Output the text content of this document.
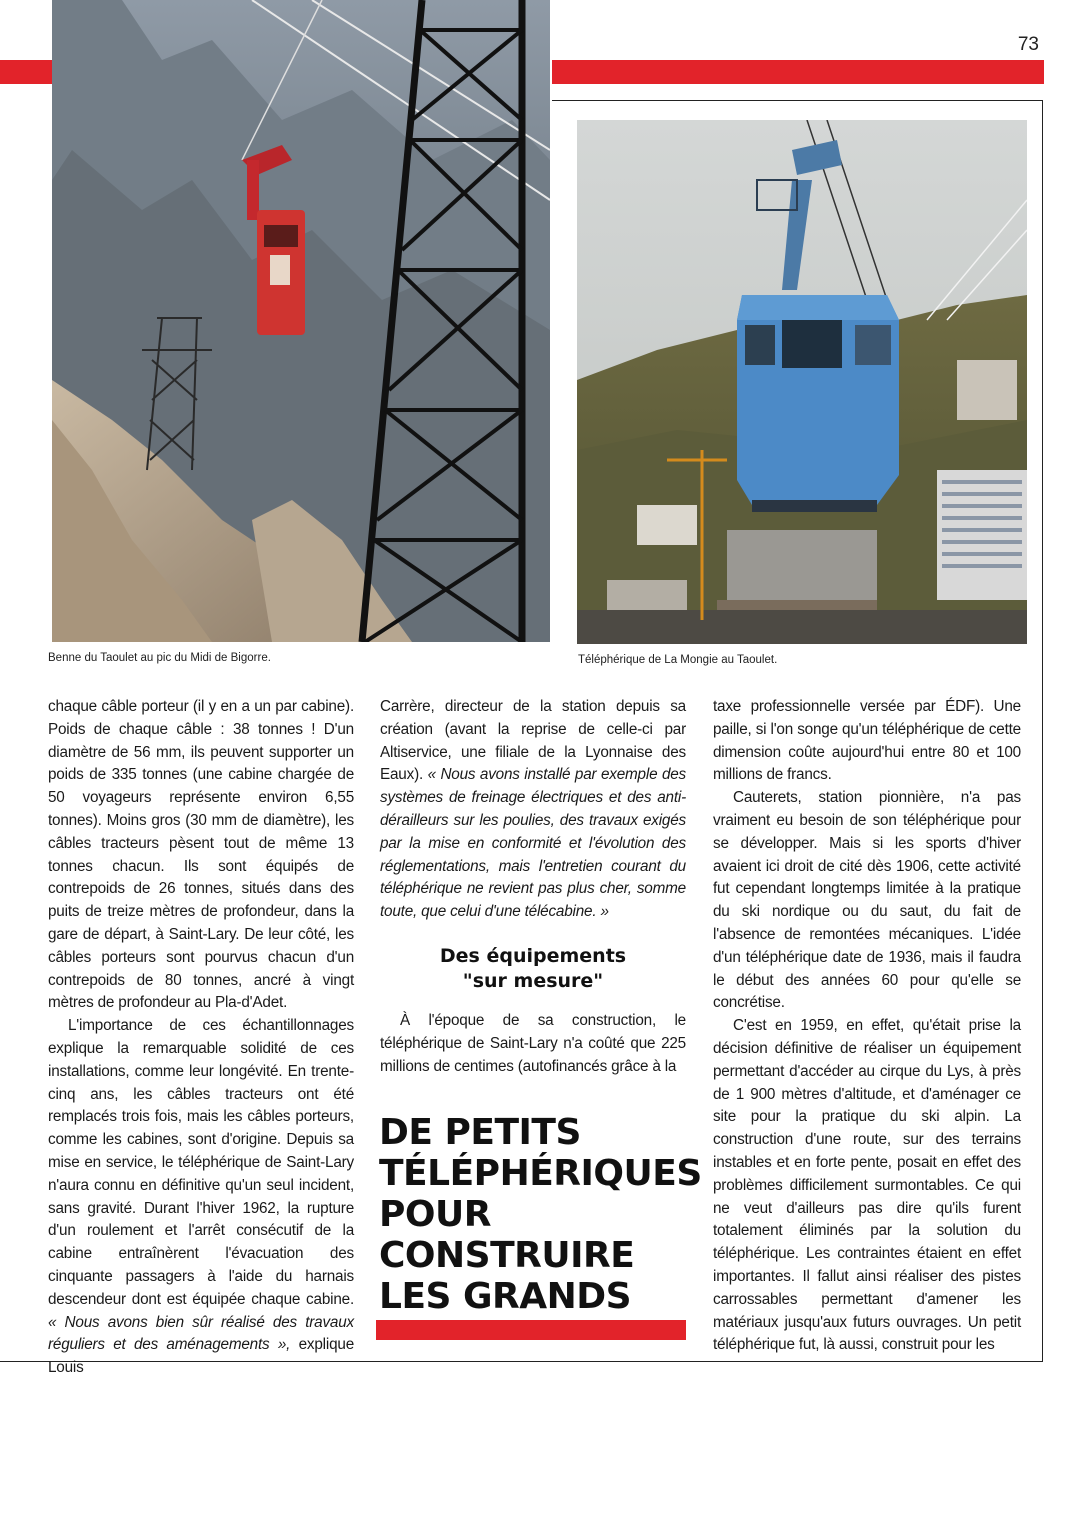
73
Benne du Taoulet au pic du Midi de Bigorre.	Téléphérique de La Mongie au Taoulet.

chaque câble porteur (il y en a un par cabine). Poids de chaque câble : 38 tonnes ! D'un diamètre de 56 mm, ils peuvent supporter un poids de 335 tonnes (une cabine chargée de 50 voyageurs représente environ 6,55 tonnes). Moins gros (30 mm de diamètre), les câbles tracteurs pèsent tout de même 13 tonnes chacun. Ils sont équipés de contrepoids de 26 tonnes, situés dans des puits de treize mètres de profondeur, dans la gare de départ, à Saint-Lary. De leur côté, les câbles porteurs sont pourvus chacun d'un contrepoids de 80 tonnes, ancré à vingt mètres de profondeur au Pla-d'Adet.

L'importance de ces échantillonnages explique la remarquable solidité de ces installations, comme leur longévité. En trente-cinq ans, les câbles tracteurs ont été remplacés trois fois, mais les câbles porteurs, comme les cabines, sont d'origine. Depuis sa mise en service, le téléphérique de Saint-Lary n'aura connu en définitive qu'un seul incident, sans gravité. Durant l'hiver 1962, la rupture d'un roulement et l'arrêt consécutif de la cabine entraînèrent l'évacuation des cinquante passagers à l'aide du harnais descendeur dont est équipée chaque cabine. « Nous avons bien sûr réalisé des travaux réguliers et des aménagements », explique Louis

Carrère, directeur de la station depuis sa création (avant la reprise de celle-ci par Altiservice, une filiale de la Lyonnaise des Eaux). « Nous avons installé par exemple des systèmes de freinage électriques et des anti-dérailleurs sur les poulies, des travaux exigés par la mise en conformité et l'évolution des réglementations, mais l'entretien courant du téléphérique ne revient pas plus cher, somme toute, que celui d'une télécabine. »

Des équipements
"sur mesure"

À l'époque de sa construction, le téléphérique de Saint-Lary n'a coûté que 225 millions de centimes (autofinancés grâce à la

DE PETITS
TÉLÉPHÉRIQUES
POUR
CONSTRUIRE
LES GRANDS

taxe professionnelle versée par ÉDF). Une paille, si l'on songe qu'un téléphérique de cette dimension coûte aujourd'hui entre 80 et 100 millions de francs.

Cauterets, station pionnière, n'a pas vraiment eu besoin de son téléphérique pour se développer. Mais si les sports d'hiver avaient ici droit de cité dès 1906, cette activité fut cependant longtemps limitée à la pratique du ski nordique ou du saut, du fait de l'absence de remontées mécaniques. L'idée d'un téléphérique date de 1936, mais il faudra le début des années 60 pour qu'elle se concrétise.

C'est en 1959, en effet, qu'était prise la décision définitive de réaliser un équipement permettant d'accéder au cirque du Lys, à près de 1 900 mètres d'altitude, et d'aménager ce site pour la pratique du ski alpin. La construction d'une route, sur des terrains instables et en forte pente, posait en effet des problèmes difficilement surmontables. Ce qui ne veut d'ailleurs pas dire qu'ils furent totalement éliminés par la solution du téléphérique. Les contraintes étaient en effet importantes. Il fallut ainsi réaliser des pistes carrossables permettant d'amener les matériaux jusqu'aux futurs ouvrages. Un petit téléphérique fut, là aussi, construit pour les
